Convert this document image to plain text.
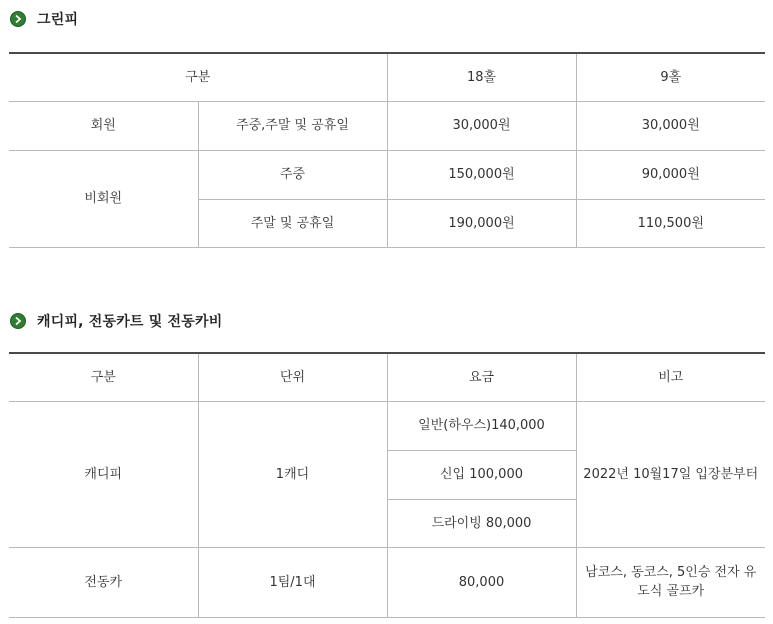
그린피
구분		18홀	9홀
회원	주중,주말 및 공휴일	30,000원	30,000원
비회원	주중	150,000원	90,000원
	주말 및 공휴일	190,000원	110,500원
캐디피, 전동카트 및 전동카비
구분	단위	요금	비고
캐디피	1캐디	일반(하우스)140,000	2022년 10월17일 입장분부터
		신입 100,000	
		드라이빙 80,000	
전동카	1팀/1대	80,000	남코스, 동코스, 5인승 전자 유도식 골프카
